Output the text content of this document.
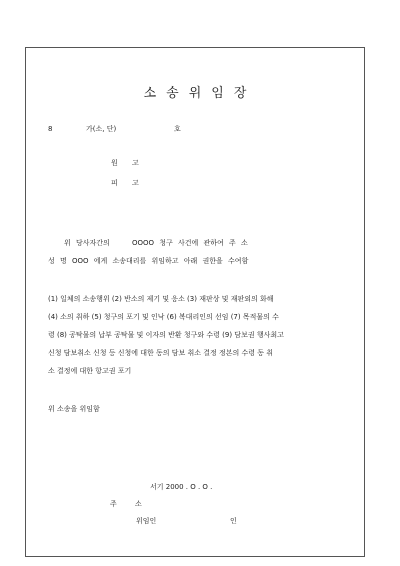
소송위임장
8	가(소, 단)	호
원 고
피 고
위 당사자간의	OOOO 청구 사건에 관하여 주 소
성 명 OOO 에게 소송대리를 위임하고 아래 권한을 수여함
(1) 일체의 소송행위 (2) 반소의 제기 및 응소 (3) 재판상 및 재판외의 화해
(4) 소의 취하 (5) 청구의 포기 및 인낙 (6) 복대리인의 선임 (7) 목적물의 수
령 (8) 공탁물의 납부 공탁물 및 이자의 반환 청구와 수령 (9) 담보권 행사최고
신청 담보취소 신청 등 신청에 대한 동의 담보 취소 결정 정본의 수령 동 취
소 결정에 대한 항고권 포기
위 소송을 위임함
서기 2000 . O . O .
주 소
위임인	인
